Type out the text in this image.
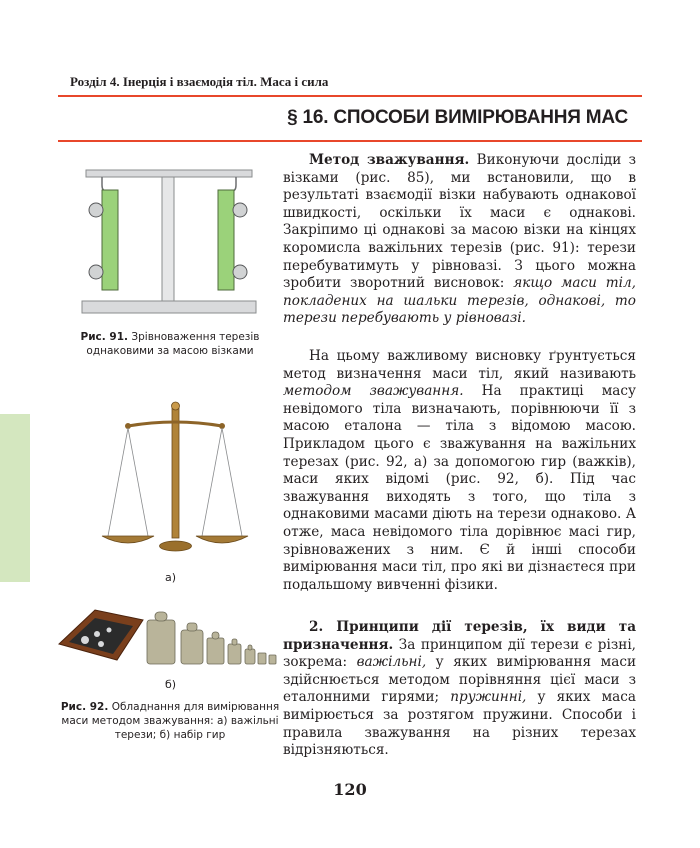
Розділ 4. Інерція і взаємодія тіл. Маса і сила
§ 16. СПОСОБИ ВИМІРЮВАННЯ МАС
Рис. 91. Зрівноваження терезів однаковими за масою візками
а)
б)
Рис. 92. Обладнання для вимірювання маси методом зважування: а) важільні терези; б) набір гир

Метод зважування. Виконуючи досліди з візками (рис. 85), ми встановили, що в результаті взаємодії візки набувають однакової швидкості, оскільки їх маси є однакові. Закріпимо ці однакові за масою візки на кінцях коромисла важільних терезів (рис. 91): терези перебуватимуть у рівновазі. З цього можна зробити зворотний висновок: якщо маси тіл, покладених на шальки терезів, однакові, то терези перебувають у рівновазі.

На цьому важливому висновку ґрунтується метод визначення маси тіл, який називають методом зважування. На практиці масу невідомого тіла визначають, порівнюючи її з масою еталона — тіла з відомою масою. Прикладом цього є зважування на важільних терезах (рис. 92, а) за допомогою гир (важків), маси яких відомі (рис. 92, б). Під час зважування виходять з того, що тіла з однаковими масами діють на терези однаково. А отже, маса невідомого тіла дорівнює масі гир, зрівноважених з ним. Є й інші способи вимірювання маси тіл, про які ви дізнаєтеся при подальшому вивченні фізики.

2. Принципи дії терезів, їх види та призначення. За принципом дії терези є різні, зокрема: важільні, у яких вимірювання маси здійснюється методом порівняння цієї маси з еталонними гирями; пружинні, у яких маса вимірюється за розтягом пружини. Способи і правила зважування на різних терезах відрізняються.

120
